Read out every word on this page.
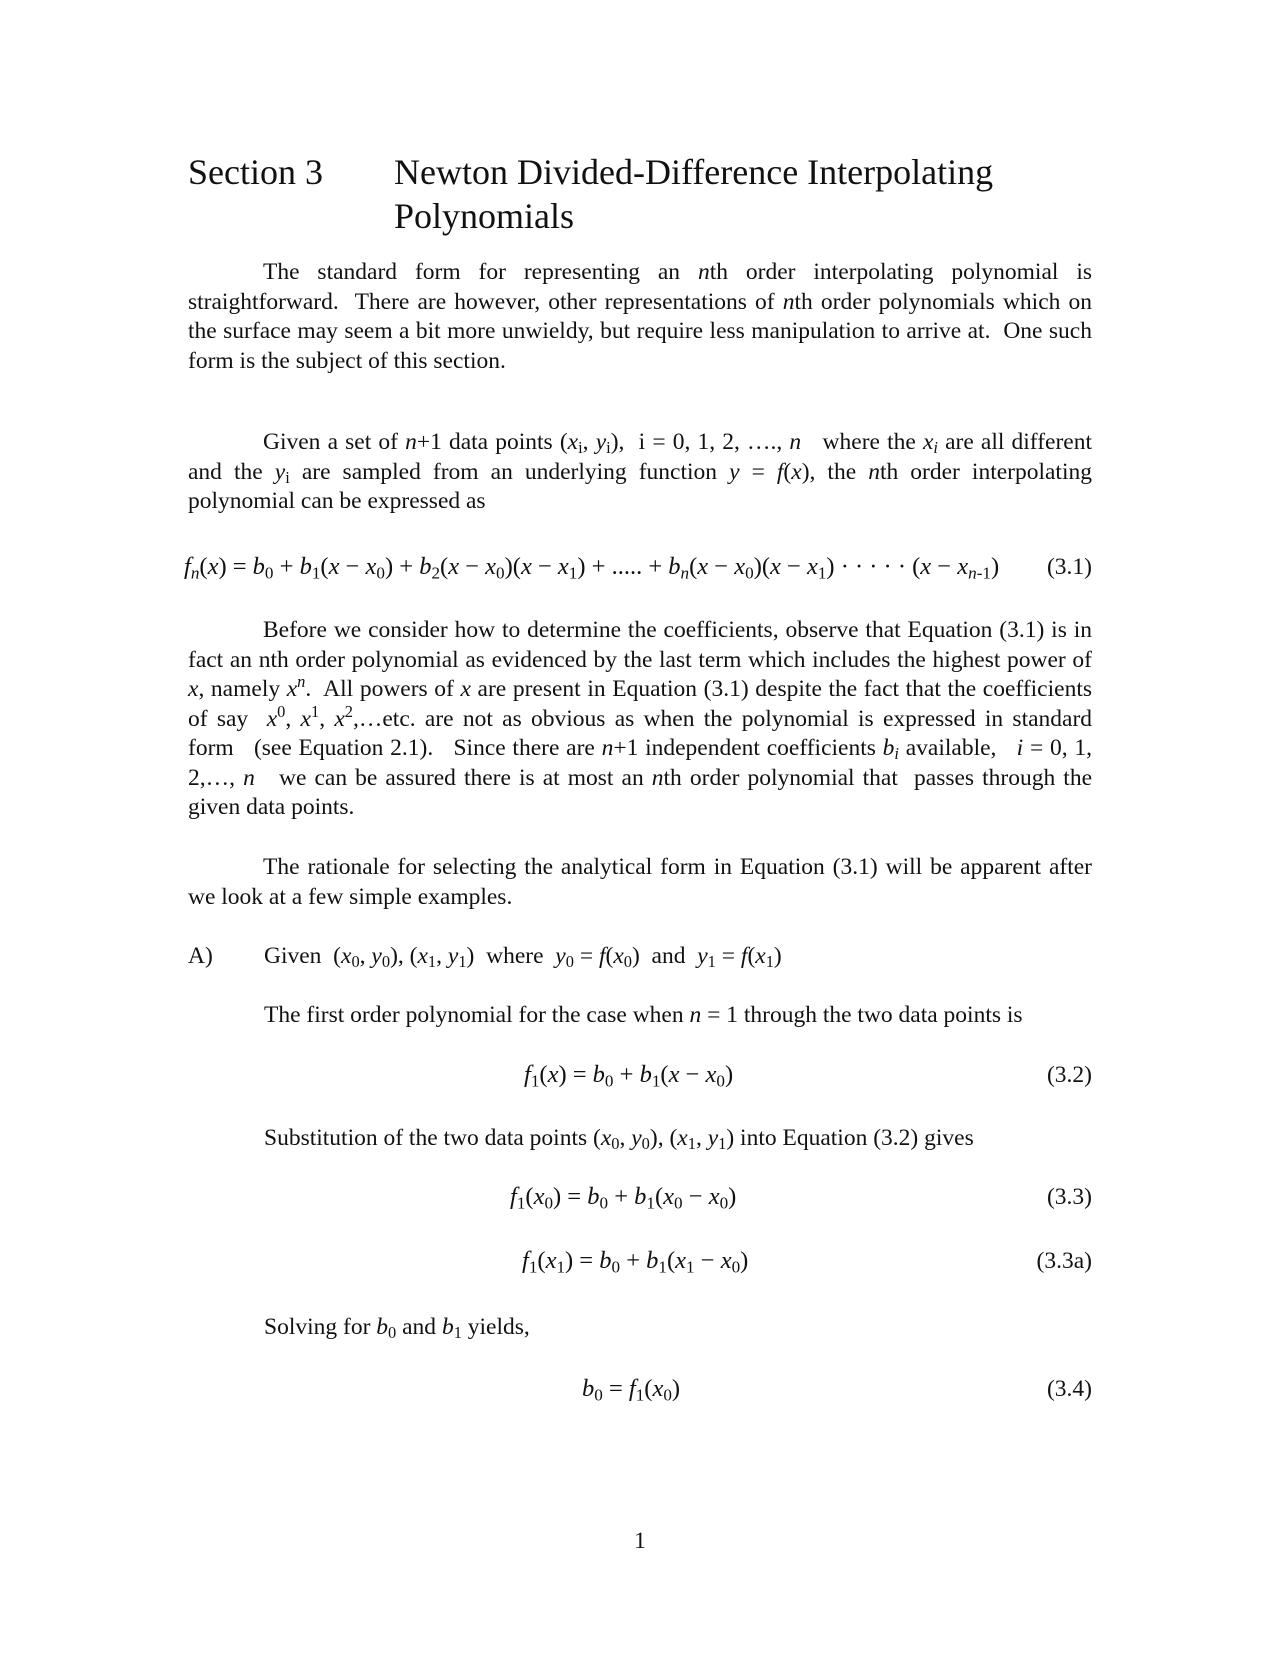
Section 3 Newton Divided-Difference Interpolating Polynomials

The standard form for representing an nth order interpolating polynomial is straightforward.  There are however, other representations of nth order polynomials which on the surface may seem a bit more unwieldy, but require less manipulation to arrive at.  One such form is the subject of this section.

Given a set of n+1 data points ($x_i$, $y_i$),  i = 0, 1, 2, …., n   where the $x_i$ are all different and the $y_i$ are sampled from an underlying function y = f(x), the nth order interpolating polynomial can be expressed as

$f_n(x) = b_0 + b_1(x - x_0) + b_2(x - x_0)(x - x_1)$ + ..... + $b_n(x - x_0)(x - x_1)$ · · · · · $(x - x_{n-1})$ (3.1)

Before we consider how to determine the coefficients, observe that Equation (3.1) is in fact an nth order polynomial as evidenced by the last term which includes the highest power of x, namely $x^n$.  All powers of x are present in Equation (3.1) despite the fact that the coefficients of say  $x^0$, $x^1$, $x^2,\dots etc$. are not as obvious as when the polynomial is expressed in standard form   (see Equation 2.1).   Since there are n+1 independent coefficients $b_i$ available,   i = 0, 1, 2,…, n   we can be assured there is at most an nth order polynomial that  passes through the given data points.

The rationale for selecting the analytical form in Equation (3.1) will be apparent after we look at a few simple examples.

A) Given  ($x_0$, $y_0$), ($x_1$, $y_1$)  where  $y_0 = f(x_0)$  and  $y_1 = f(x_1)$
The first order polynomial for the case when n = 1 through the two data points is
$f_1(x) = b_0 + b_1(x - x_0)$	(3.2)
Substitution of the two data points ($x_0$, $y_0$), ($x_1$, $y_1$) into Equation (3.2) gives
$f_1(x_0) = b_0 + b_1(x_0 - x_0)$	(3.3)
$f_1(x_1) = b_0 + b_1(x_1 - x_0)$	(3.3a)
Solving for $b_0$ and $b_1$ yields,
$b_0 = f_1(x_0)$	(3.4)
1
